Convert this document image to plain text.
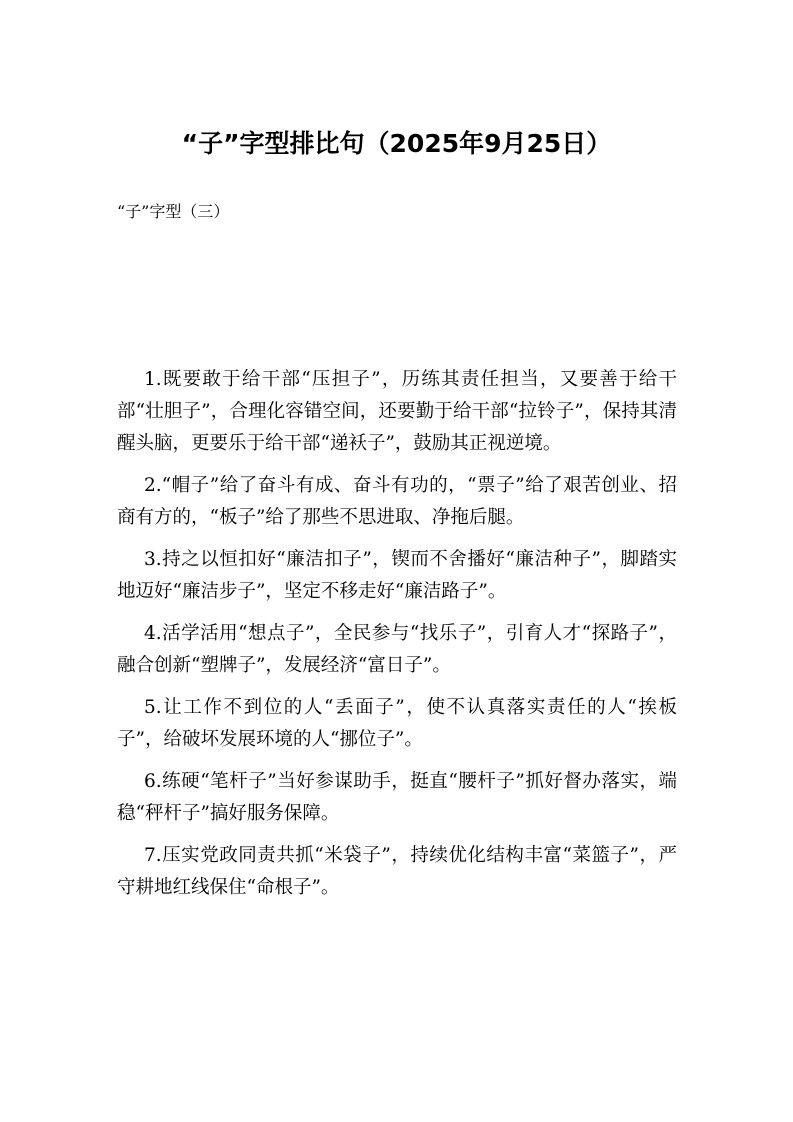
“子”字型排比句（2025年9月25日）

“子”字型（三）

1.既要敢于给干部“压担子”，历练其责任担当，又要善于给干部“壮胆子”，合理化容错空间，还要勤于给干部“拉铃子”，保持其清醒头脑，更要乐于给干部“递袄子”，鼓励其正视逆境。

2.“帽子”给了奋斗有成、奋斗有功的，“票子”给了艰苦创业、招商有方的，“板子”给了那些不思进取、净拖后腿。

3.持之以恒扣好“廉洁扣子”，锲而不舍播好“廉洁种子”，脚踏实地迈好“廉洁步子”，坚定不移走好“廉洁路子”。

4.活学活用“想点子”，全民参与“找乐子”，引育人才“探路子”，融合创新“塑牌子”，发展经济“富日子”。

5.让工作不到位的人“丢面子”，使不认真落实责任的人“挨板子”，给破坏发展环境的人“挪位子”。

6.练硬“笔杆子”当好参谋助手，挺直“腰杆子”抓好督办落实，端稳“秤杆子”搞好服务保障。

7.压实党政同责共抓“米袋子”，持续优化结构丰富“菜篮子”，严守耕地红线保住“命根子”。
